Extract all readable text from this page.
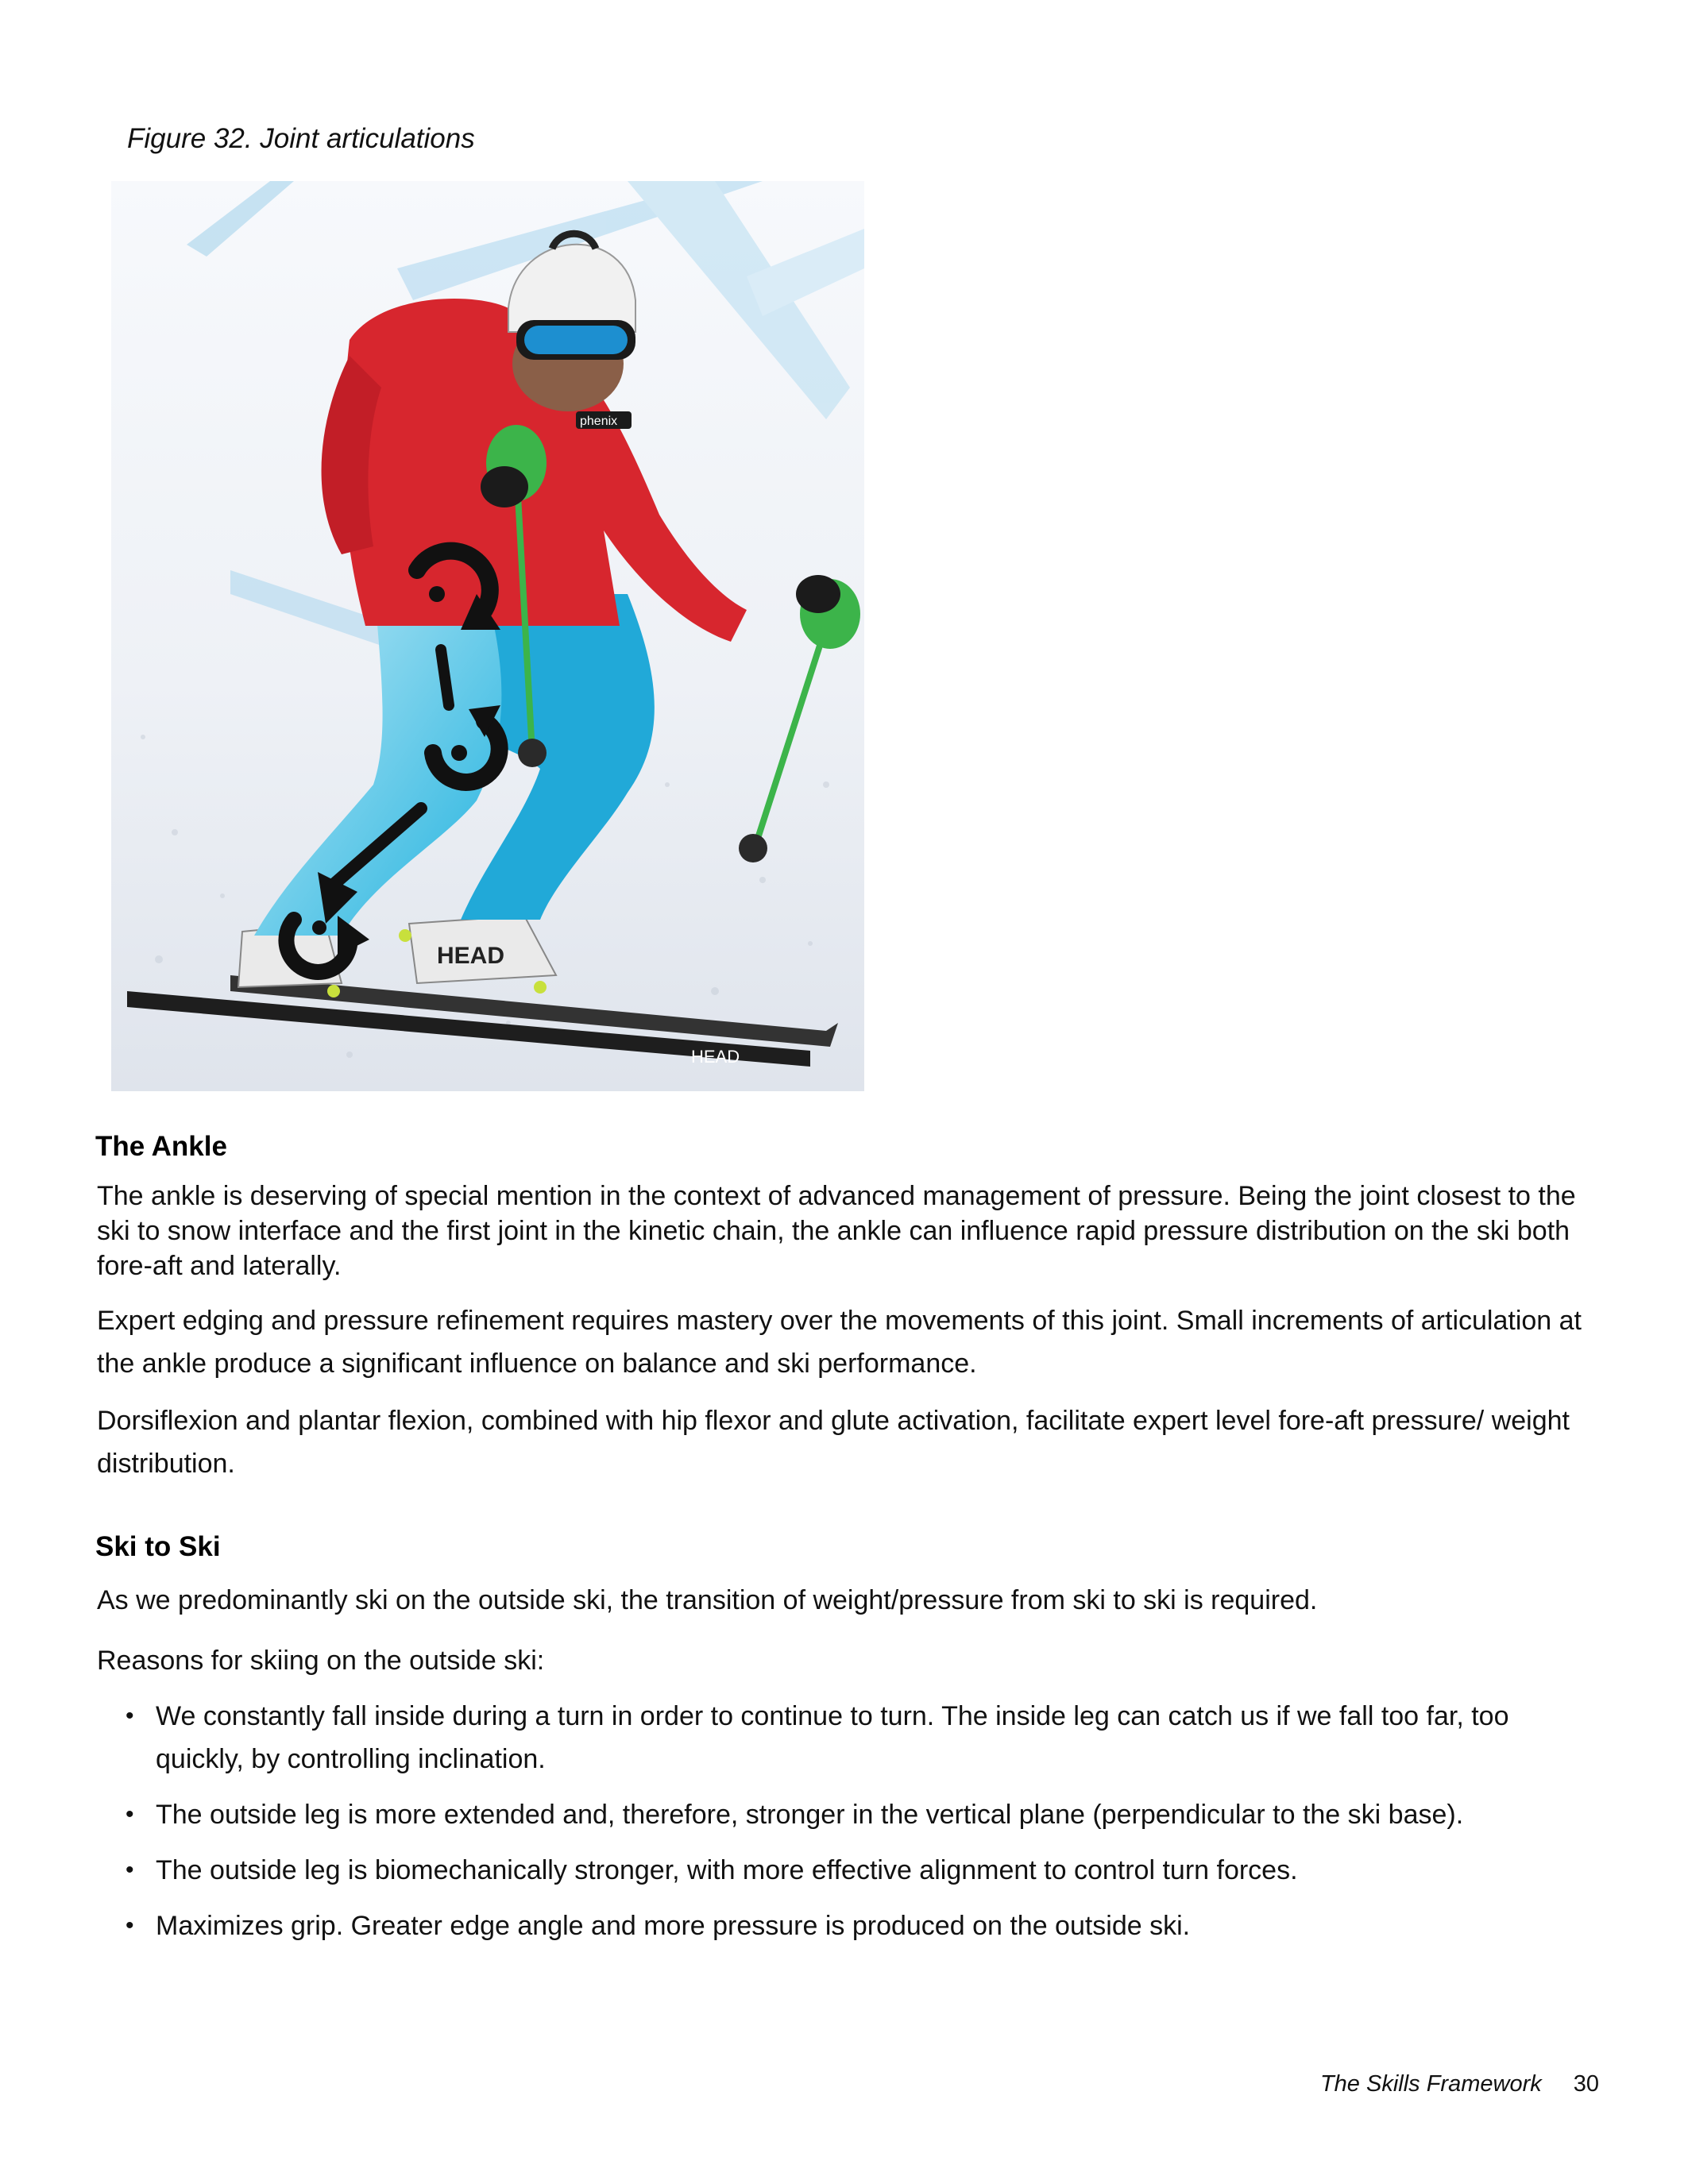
Figure 32. Joint articulations
HEAD
HEAD
phenix
The Ankle

The ankle is deserving of special mention in the context of advanced management of pressure. Being the joint closest to the ski to snow interface and the first joint in the kinetic chain, the ankle can influence rapid pressure distribution on the ski both fore-aft and laterally.

Expert edging and pressure refinement requires mastery over the movements of this joint. Small increments of articulation at the ankle produce a significant influence on balance and ski performance.

Dorsiflexion and plantar flexion, combined with hip flexor and glute activation, facilitate expert level fore-aft pressure/ weight distribution.

Ski to Ski

As we predominantly ski on the outside ski, the transition of weight/pressure from ski to ski is required.

Reasons for skiing on the outside ski:

• We constantly fall inside during a turn in order to continue to turn. The inside leg can catch us if we fall too far, too quickly, by controlling inclination.
• The outside leg is more extended and, therefore, stronger in the vertical plane (perpendicular to the ski base).
• The outside leg is biomechanically stronger, with more effective alignment to control turn forces.
• Maximizes grip. Greater edge angle and more pressure is produced on the outside ski.
The Skills Framework 30
